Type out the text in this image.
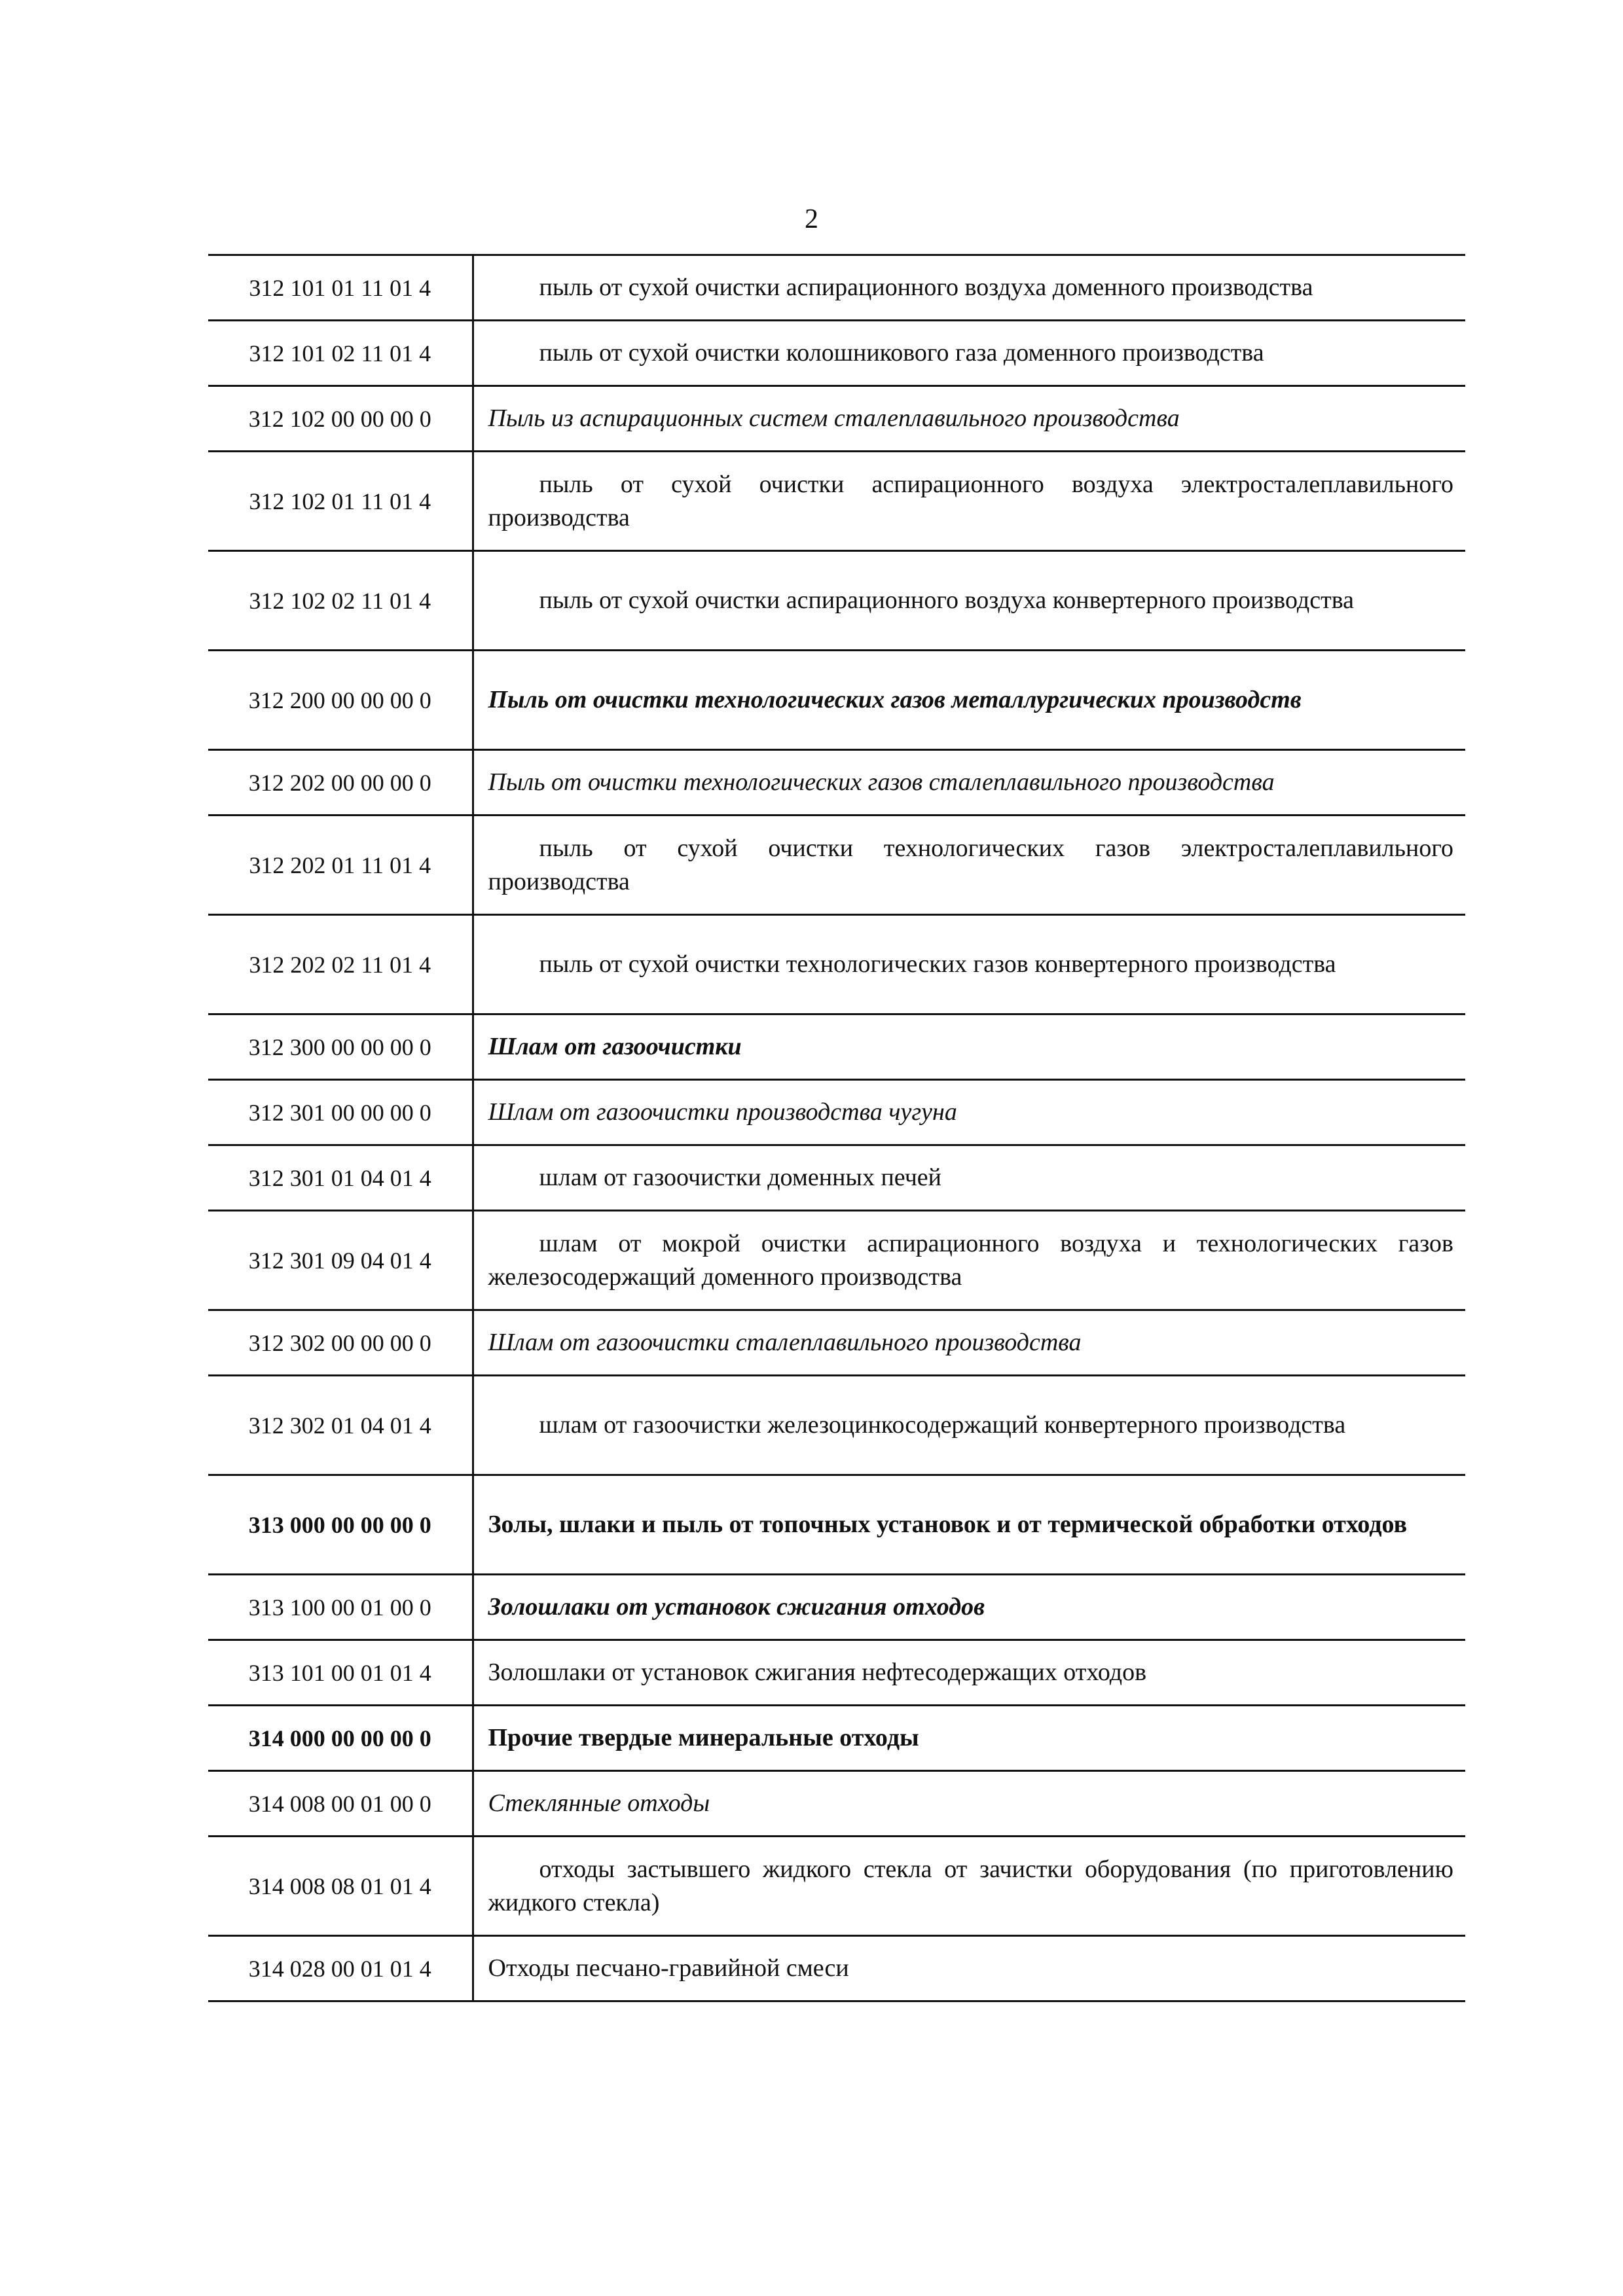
2
312 101 01 11 01 4	пыль от сухой очистки аспирационного воздуха доменного производства
312 101 02 11 01 4	пыль от сухой очистки колошникового газа доменного производства
312 102 00 00 00 0	Пыль из аспирационных систем сталеплавильного производства
312 102 01 11 01 4	пыль от сухой очистки аспирационного воздуха электросталеплавильного производства
312 102 02 11 01 4	пыль от сухой очистки аспирационного воздуха конвертерного производства
312 200 00 00 00 0	Пыль от очистки технологических газов металлургических производств
312 202 00 00 00 0	Пыль от очистки технологических газов сталеплавильного производства
312 202 01 11 01 4	пыль от сухой очистки технологических газов электросталеплавильного производства
312 202 02 11 01 4	пыль от сухой очистки технологических газов конвертерного производства
312 300 00 00 00 0	Шлам от газоочистки
312 301 00 00 00 0	Шлам от газоочистки производства чугуна
312 301 01 04 01 4	шлам от газоочистки доменных печей
312 301 09 04 01 4	шлам от мокрой очистки аспирационного воздуха и технологических газов железосодержащий доменного производства
312 302 00 00 00 0	Шлам от газоочистки сталеплавильного производства
312 302 01 04 01 4	шлам от газоочистки железоцинкосодержащий конвертерного производства
313 000 00 00 00 0	Золы, шлаки и пыль от топочных установок и от термической обработки отходов
313 100 00 01 00 0	Золошлаки от установок сжигания отходов
313 101 00 01 01 4	Золошлаки от установок сжигания нефтесодержащих отходов
314 000 00 00 00 0	Прочие твердые минеральные отходы
314 008 00 01 00 0	Стеклянные отходы
314 008 08 01 01 4	отходы застывшего жидкого стекла от зачистки оборудования (по приготовлению жидкого стекла)
314 028 00 01 01 4	Отходы песчано-гравийной смеси
